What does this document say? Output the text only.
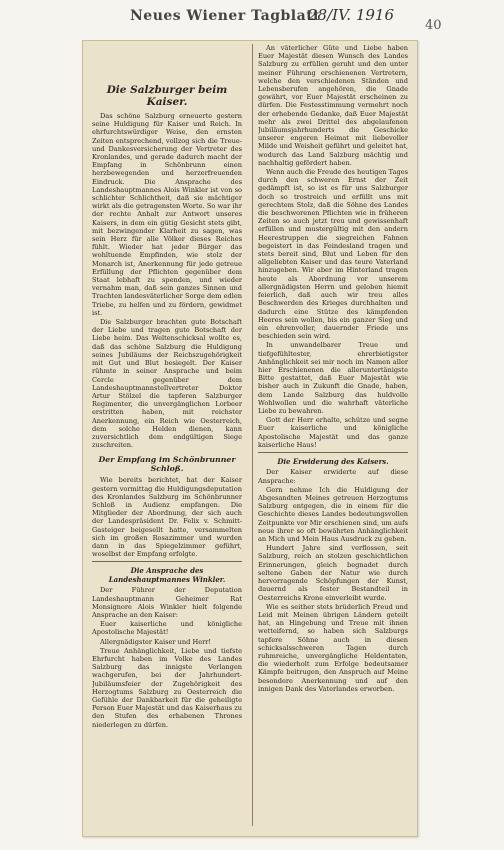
Neues Wiener Tagblatt
28/IV. 1916
40
Die Salzburger beim Kaiser.

Das schöne Salzburg erneuerte gestern seine Huldigung für Kaiser und Reich. In ehrfurchtswürdiger Weise, den ernsten Zeiten entsprechend, vollzog sich die Treue- und Dankesversicherung der Vertreter des Kronlandes, und gerade dadurch macht der Empfang in Schönbrunn einen herzbewegenden und herzerfreuenden Eindruck. Die Ansprache des Landeshauptmannes Alois Winkler ist von so schlichter Schlichtheit, daß sie mächtiger wirkt als die getragensten Worte. So war ihr der rechte Anhalt zur Antwort unseres Kaisers, in dem ein gütig Gesicht stets gibt, mit bezwingender Klarheit zu sagen, was sein Herz für alle Völker dieses Reiches fühlt. Wieder hat jeder Bürger das wohltuende Empfinden, wie stolz der Monarch ist, Anerkennung für jede getreue Erfüllung der Pflichten gegenüber dem Staat lebhaft zu spenden, und wieder vernahm man, daß sein ganzes Sinnen und Trachten landesväterlicher Sorge dem edlen Triebe, zu helfen und zu fördern, gewidmet ist.

Die Salzburger brachten gute Botschaft der Liebe und tragen gute Botschaft der Liebe heim. Das Weltenschicksal wollte es, daß das schöne Salzburg die Huldigung seines Jubiläums der Reichszugehörigkeit mit Gut und Blut besiegelt. Der Kaiser rühmte in seiner Ansprache und beim Cercle gegenüber dem Landeshauptmannstellvertreter Doktor Artur Stölzel die tapferen Salzburger Regimenter, die unvergänglichen Lorbeer erstritten haben, mit reichster Anerkennung, ein Reich wie Oesterreich, dem solche Helden dienen, kann zuversichtlich dem endgültigen Siege zuschreiten.

Der Empfang im Schönbrunner Schloß.

Wie bereits berichtet, hat der Kaiser gestern vormittag die Huldigungsdeputation des Kronlandes Salzburg im Schönbrunner Schloß in Audienz empfangen. Die Mitglieder der Abordnung, der sich auch der Landespräsident Dr. Felix v. Schmitt-Gasteiger beigesellt hatte, versammelten sich im großen Rosazimmer und wurden dann in das Spiegelzimmer geführt, woselbst der Empfang erfolgte.

Die Ansprache des Landeshauptmannes Winkler.

Der Führer der Deputation Landeshauptmann Geheimer Rat Monsignore Alois Winkler hielt folgende Ansprache an den Kaiser:

Euer kaiserliche und königliche Apostolische Majestät!

Allergnädigster Kaiser und Herr!

Treue Anhänglichkeit, Liebe und tiefste Ehrfurcht haben im Volke des Landes Salzburg das innigste Verlangen wachgerufen, bei der Jahrhundert-Jubiläumsfeier der Zugehörigkeit des Herzogtums Salzburg zu Oesterreich die Gefühle der Dankbarkeit für die geheiligte Person Euer Majestät und das Kaiserhaus zu den Stufen des erhabenen Thrones niederlegen zu dürfen.

An väterlicher Güte und Liebe haben Euer Majestät diesen Wunsch des Landes Salzburg zu erfüllen geruht und den unter meiner Führung erschienenen Vertretern, welche den verschiedenen Ständen und Lebensberufen angehören, die Gnade gewährt, vor Euer Majestät erscheinen zu dürfen. Die Festesstimmung vermehrt noch der erhebende Gedanke, daß Euer Majestät mehr als zwei Drittel des abgelaufenen Jubiläumsjahrhunderts die Geschicke unserer engeren Heimat mit liebevoller Milde und Weisheit geführt und geleitet hat, wodurch das Land Salzburg mächtig und nachhaltig gefördert haben.

Wenn auch die Freude des heutigen Tages durch den schweren Ernst der Zeit gedämpft ist, so ist es für uns Salzburger doch so trostreich und erfüllt uns mit gerechtem Stolz, daß die Söhne des Landes die beschworenen Pflichten wie in früheren Zeiten so auch jetzt treu und gewissenhaft erfüllen und mustergültig mit den andern Heerestruppen die siegreichen Fahnen begeistert in das Feindesland tragen und stets bereit sind, Blut und Leben für den allgeliebten Kaiser und das teure Vaterland hinzugeben. Wir aber im Hinterland tragen heute als Abordnung vor unserem allergnädigsten Herrn und geloben hiemit feierlich, daß auch wir treu alles Beschwerden des Krieges durchhalten und dadurch eine Stütze des kämpfenden Heeres sein wollen, bis ein ganzer Sieg und ein ehrenvoller, dauernder Friede uns beschieden sein wird.

In unwandelbarer Treue und tiefgefühltester, ehrerbietigster Anhänglichkeit sei mir noch im Namen aller hier Erschienenen die alleruntertänigste Bitte gestattet, daß Euer Majestät wie bisher auch in Zukunft die Gnade, haben, dem Lande Salzburg das huldvolle Wohlwollen und die wahrhaft väterliche Liebe zu bewahren.

Gott der Herr erhalte, schütze und segne Euer kaiserliche und königliche Apostolische Majestät und das ganze kaiserliche Haus!

Die Erwiderung des Kaisers.

Der Kaiser erwiderte auf diese Ansprache:

Gern nehme Ich die Huldigung der Abgesandten Meines getreuen Herzogtums Salzburg entgegen, die in einem für die Geschichte dieses Landes bedeutungsvollen Zeitpunkte vor Mir erschienen sind, um aufs neue ihrer so oft bewährten Anhänglichkeit an Mich und Mein Haus Ausdruck zu geben.

Hundert Jahre sind verflossen, seit Salzburg, reich an stolzen geschichtlichen Erinnerungen, gleich begnadet durch seltene Gaben der Natur wie durch hervorragende Schöpfungen der Kunst, dauernd als fester Bestandteil in Oesterreichs Krone einverleibt wurde.

Wie es seither stets brüderlich Freud und Leid mit Meinen übrigen Ländern geteilt hat, an Hingebung und Treue mit ihnen wetteifernd, so haben sich Salzburgs tapfere Söhne auch in diesen schicksalsschweren Tagen durch ruhmreiche, unvergängliche Heldentaten, die wiederholt zum Erfolge bedeutsamer Kämpfe beitrugen, den Anspruch auf Meine besondere Anerkennung und auf den innigen Dank des Vaterlandes erworben.
